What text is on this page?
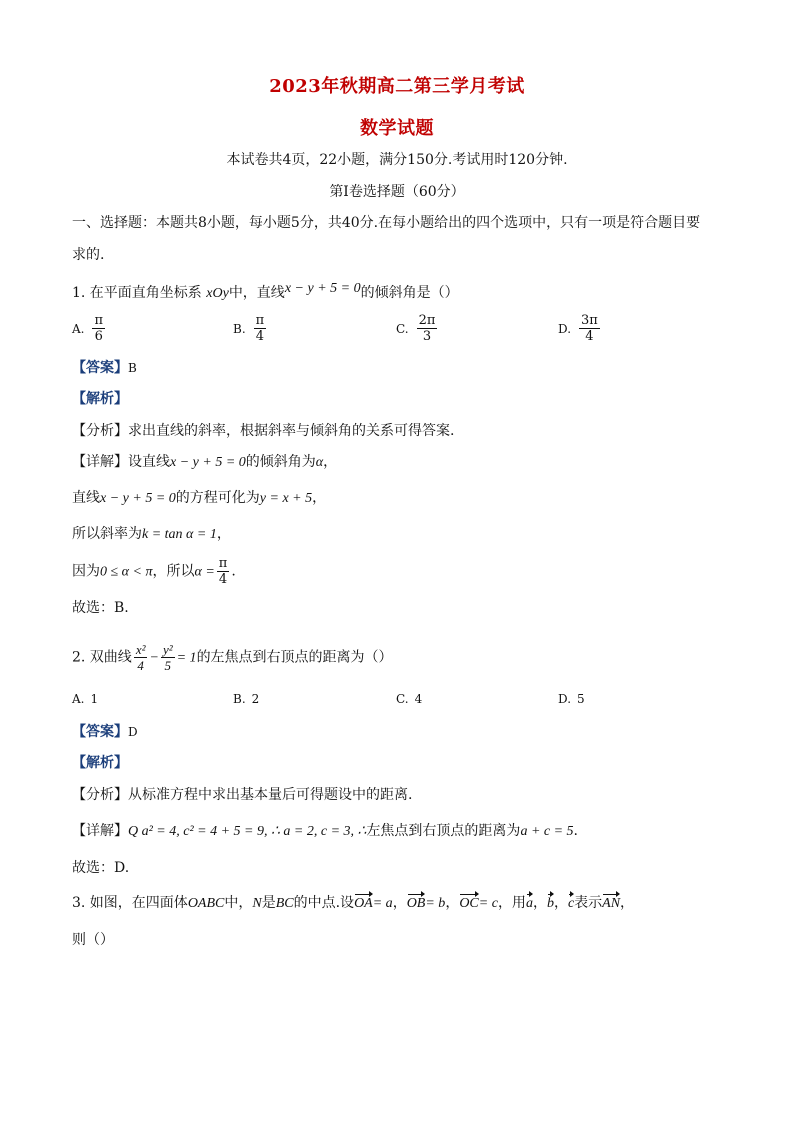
2023年秋期高二第三学月考试
数学试题
本试卷共4页，22小题，满分150分.考试用时120分钟.
第Ⅰ卷选择题（60分）
一、选择题：本题共8小题，每小题5分，共40分.在每小题给出的四个选项中，只有一项是符合题目要
求的.
1. 在平面直角坐标系 xOy中，直线x − y + 5 = 0的倾斜角是（）
A. $\frac{\pi}{6}$	B. $\frac{\pi}{4}$	C. $\frac{2\pi}{3}$	D. $\frac{3\pi}{4}$
【答案】B
【解析】
【分析】求出直线的斜率，根据斜率与倾斜角的关系可得答案.
【详解】设直线x − y + 5 = 0的倾斜角为α，
直线x − y + 5 = 0的方程可化为y = x + 5，
所以斜率为k = tan α = 1，
因为0 ≤ α < π，所以$\alpha = \frac{\pi}{4}$ .
故选：B.
2. 双曲线 $\frac{\text{x²}}{4} - \frac{\text{y²}}{5} = 1$的左焦点到右顶点的距离为（）
A. 1	B. 2	C. 4	D. 5
【答案】D
【解析】
【分析】从标准方程中求出基本量后可得题设中的距离.
【详解】Q a² = 4, c² = 4 + 5 = 9, ∴ a = 2, c = 3, ∴左焦点到右顶点的距离为a + c = 5.
故选：D.
3. 如图，在四面体OABC中，N是BC的中点.设OA= a，OB= b，OC= c，用a，b，c表示AN，
则（）
